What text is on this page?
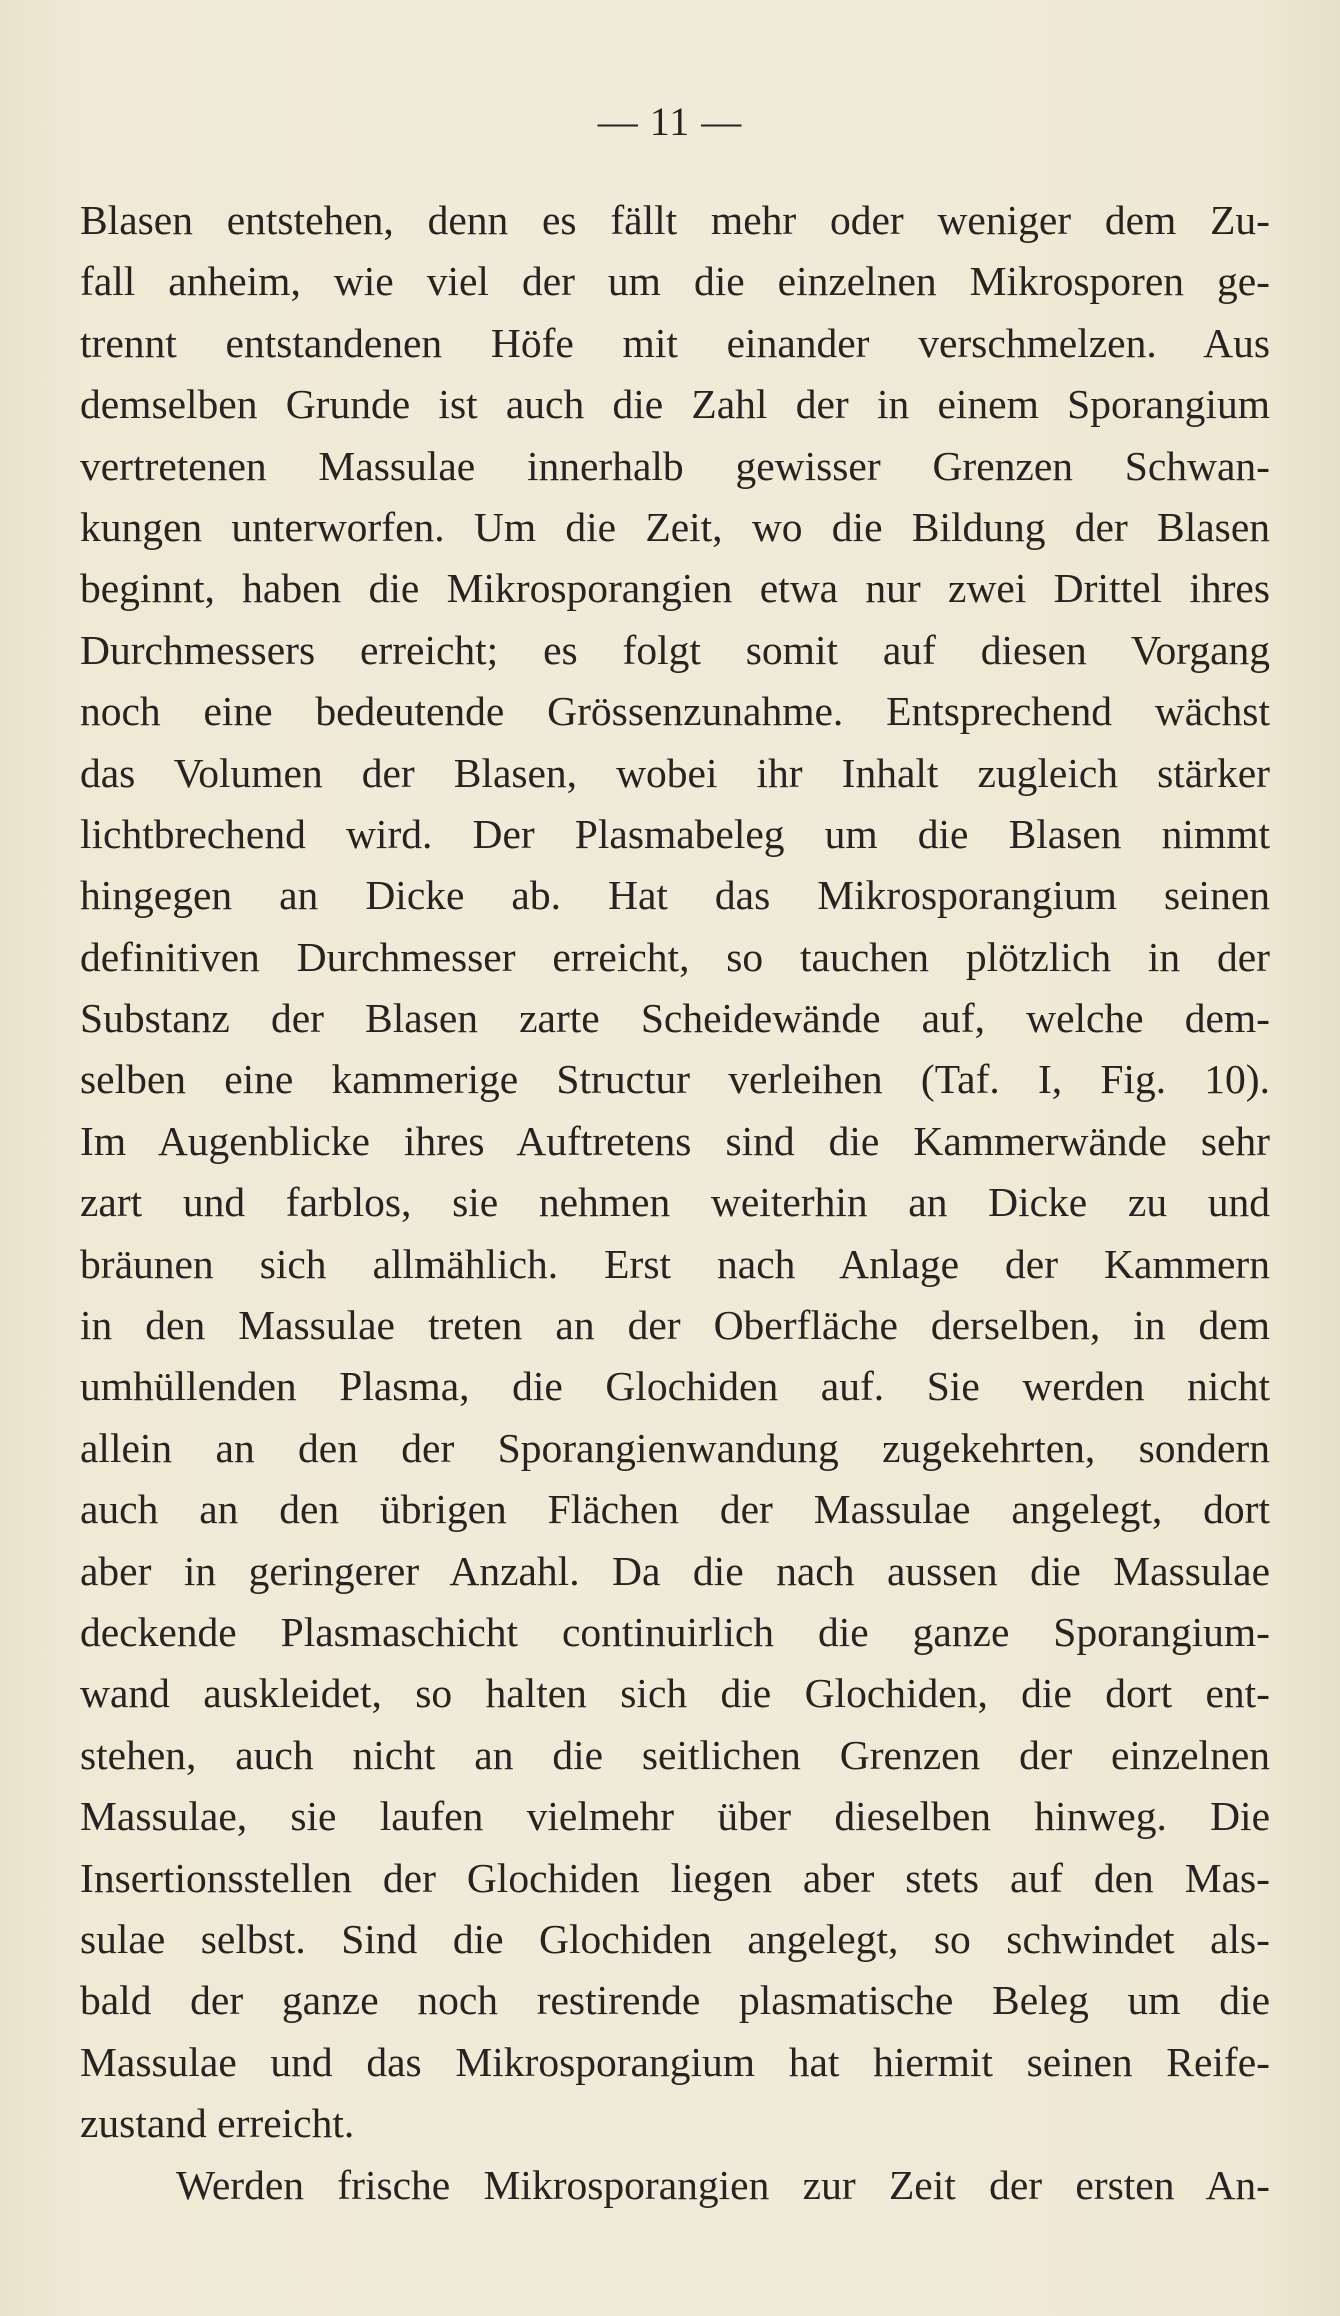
— 11 —
Blasen entstehen, denn es fällt mehr oder weniger dem Zu-
fall anheim, wie viel der um die einzelnen Mikrosporen ge-
trennt entstandenen Höfe mit einander verschmelzen. Aus
demselben Grunde ist auch die Zahl der in einem Sporangium
vertretenen Massulae innerhalb gewisser Grenzen Schwan-
kungen unterworfen. Um die Zeit, wo die Bildung der Blasen
beginnt, haben die Mikrosporangien etwa nur zwei Drittel ihres
Durchmessers erreicht; es folgt somit auf diesen Vorgang
noch eine bedeutende Grössenzunahme. Entsprechend wächst
das Volumen der Blasen, wobei ihr Inhalt zugleich stärker
lichtbrechend wird. Der Plasmabeleg um die Blasen nimmt
hingegen an Dicke ab. Hat das Mikrosporangium seinen
definitiven Durchmesser erreicht, so tauchen plötzlich in der
Substanz der Blasen zarte Scheidewände auf, welche dem-
selben eine kammerige Structur verleihen (Taf. I, Fig. 10).
Im Augenblicke ihres Auftretens sind die Kammerwände sehr
zart und farblos, sie nehmen weiterhin an Dicke zu und
bräunen sich allmählich. Erst nach Anlage der Kammern
in den Massulae treten an der Oberfläche derselben, in dem
umhüllenden Plasma, die Glochiden auf. Sie werden nicht
allein an den der Sporangienwandung zugekehrten, sondern
auch an den übrigen Flächen der Massulae angelegt, dort
aber in geringerer Anzahl. Da die nach aussen die Massulae
deckende Plasmaschicht continuirlich die ganze Sporangium-
wand auskleidet, so halten sich die Glochiden, die dort ent-
stehen, auch nicht an die seitlichen Grenzen der einzelnen
Massulae, sie laufen vielmehr über dieselben hinweg. Die
Insertionsstellen der Glochiden liegen aber stets auf den Mas-
sulae selbst. Sind die Glochiden angelegt, so schwindet als-
bald der ganze noch restirende plasmatische Beleg um die
Massulae und das Mikrosporangium hat hiermit seinen Reife-
zustand erreicht.
Werden frische Mikrosporangien zur Zeit der ersten An-
